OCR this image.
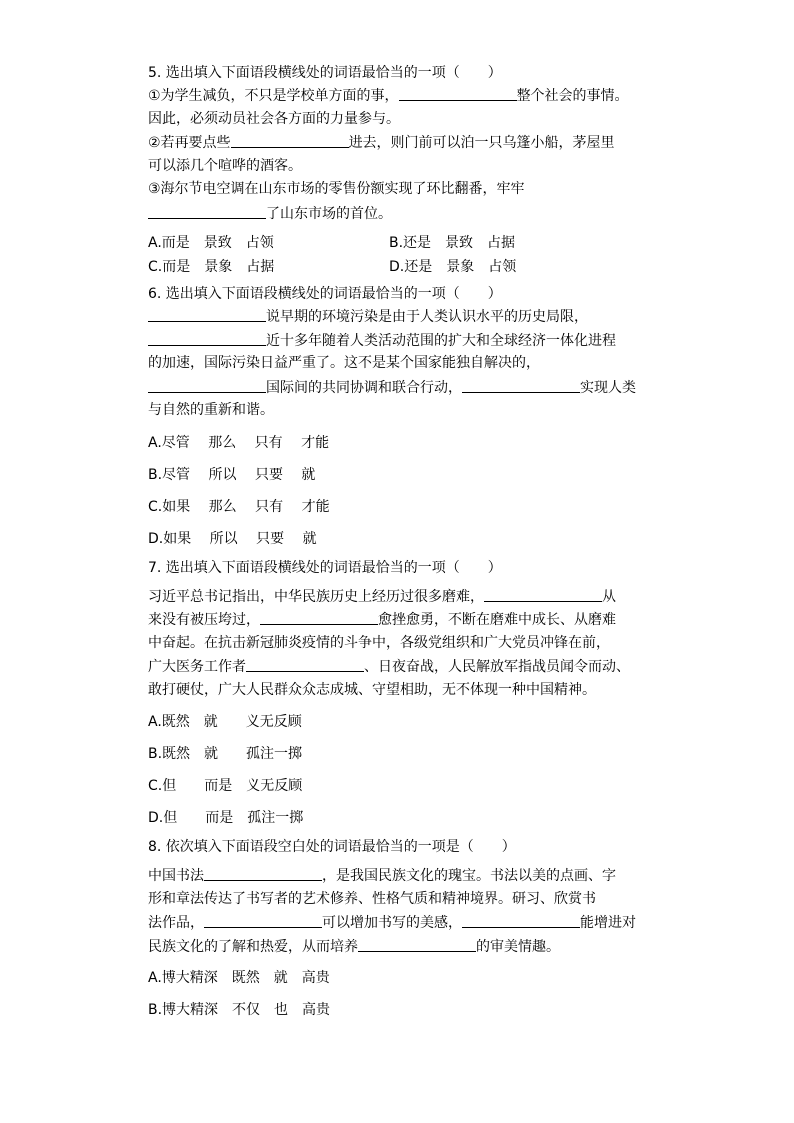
5. 选出填入下面语段横线处的词语最恰当的一项（　　）
①为学生减负，不只是学校单方面的事，	整个社会的事情。
因此，必须动员社会各方面的力量参与。
②若再要点些	进去，则门前可以泊一只乌篷小船，茅屋里
可以添几个喧哗的酒客。
③海尔节电空调在山东市场的零售份额实现了环比翻番，牢牢
了山东市场的首位。
A.而是　景致　占领	B.还是　景致　占据
C.而是　景象　占据	D.还是　景象　占领
6. 选出填入下面语段横线处的词语最恰当的一项（　　）
说早期的环境污染是由于人类认识水平的历史局限，
近十多年随着人类活动范围的扩大和全球经济一体化进程
的加速，国际污染日益严重了。这不是某个国家能独自解决的，
国际间的共同协调和联合行动，	实现人类
与自然的重新和谐。
A.尽管　 那么　 只有　 才能
B.尽管　 所以　 只要　 就
C.如果　 那么　 只有　 才能
D.如果　 所以　 只要　 就
7. 选出填入下面语段横线处的词语最恰当的一项（　　）
习近平总书记指出，中华民族历史上经历过很多磨难，	从
来没有被压垮过，	愈挫愈勇，不断在磨难中成长、从磨难
中奋起。在抗击新冠肺炎疫情的斗争中，各级党组织和广大党员冲锋在前，
广大医务工作者	、日夜奋战，人民解放军指战员闻令而动、
敢打硬仗，广大人民群众众志成城、守望相助，无不体现一种中国精神。
A.既然　就　　义无反顾
B.既然　就　　孤注一掷
C.但　　而是　义无反顾
D.但　　而是　孤注一掷
8. 依次填入下面语段空白处的词语最恰当的一项是（　　）
中国书法	，是我国民族文化的瑰宝。书法以美的点画、字
形和章法传达了书写者的艺术修养、性格气质和精神境界。研习、欣赏书
法作品，	可以增加书写的美感，	能增进对
民族文化的了解和热爱，从而培养	的审美情趣。
A.博大精深　既然　就　高贵
B.博大精深　不仅　也　高贵
